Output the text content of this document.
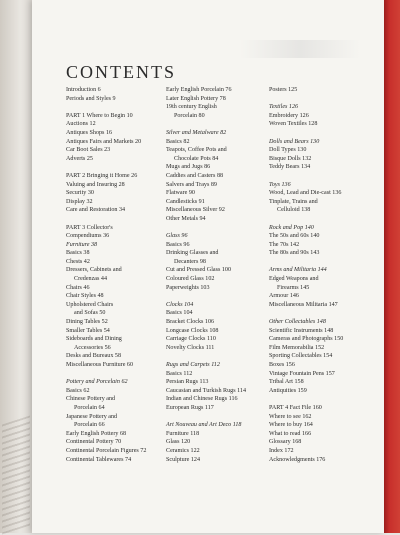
CONTENTS
Introduction 6
Periods and Styles 9
PART 1 Where to Begin 10
Auctions 12
Antiques Shops 16
Antiques Fairs and Markets 20
Car Boot Sales 23
Adverts 25
PART 2 Bringing it Home 26
Valuing and Insuring 28
Security 30
Display 32
Care and Restoration 34
PART 3 Collector's
Compendiums 36
Furniture 38
Basics 38
Chests 42
Dressers, Cabinets and
Credenzas 44
Chairs 46
Chair Styles 48
Upholstered Chairs
and Sofas 50
Dining Tables 52
Smaller Tables 54
Sideboards and Dining
Accessories 56
Desks and Bureaux 58
Miscellaneous Furniture 60
Pottery and Porcelain 62
Basics 62
Chinese Pottery and
Porcelain 64
Japanese Pottery and
Porcelain 66
Early English Pottery 68
Continental Pottery 70
Continental Porcelain Figures 72
Continental Tablewares 74
Early English Porcelain 76
Later English Pottery 78
19th century English
Porcelain 80
Silver and Metalware 82
Basics 82
Teapots, Coffee Pots and
Chocolate Pots 84
Mugs and Jugs 86
Caddies and Casters 88
Salvers and Trays 89
Flatware 90
Candlesticks 91
Miscellaneous Silver 92
Other Metals 94
Glass 96
Basics 96
Drinking Glasses and
Decanters 98
Cut and Pressed Glass 100
Coloured Glass 102
Paperweights 103
Clocks 104
Basics 104
Bracket Clocks 106
Longcase Clocks 108
Carriage Clocks 110
Novelty Clocks 111
Rugs and Carpets 112
Basics 112
Persian Rugs 113
Caucasian and Turkish Rugs 114
Indian and Chinese Rugs 116
European Rugs 117
Art Nouveau and Art Deco 118
Furniture 118
Glass 120
Ceramics 122
Sculpture 124
Posters 125
Textiles 126
Embroidery 126
Woven Textiles 128
Dolls and Bears 130
Doll Types 130
Bisque Dolls 132
Teddy Bears 134
Toys 136
Wood, Lead and Die-cast 136
Tinplate, Trains and
Celluloid 138
Rock and Pop 140
The 50s and 60s 140
The 70s 142
The 80s and 90s 143
Arms and Militaria 144
Edged Weapons and
Firearms 145
Armour 146
Miscellaneous Militaria 147
Other Collectables 148
Scientific Instruments 148
Cameras and Photographs 150
Film Memorabilia 152
Sporting Collectables 154
Boxes 156
Vintage Fountain Pens 157
Tribal Art 158
Antiquities 159
PART 4 Fact File 160
Where to see 162
Where to buy 164
What to read 166
Glossary 168
Index 172
Acknowledgments 176
